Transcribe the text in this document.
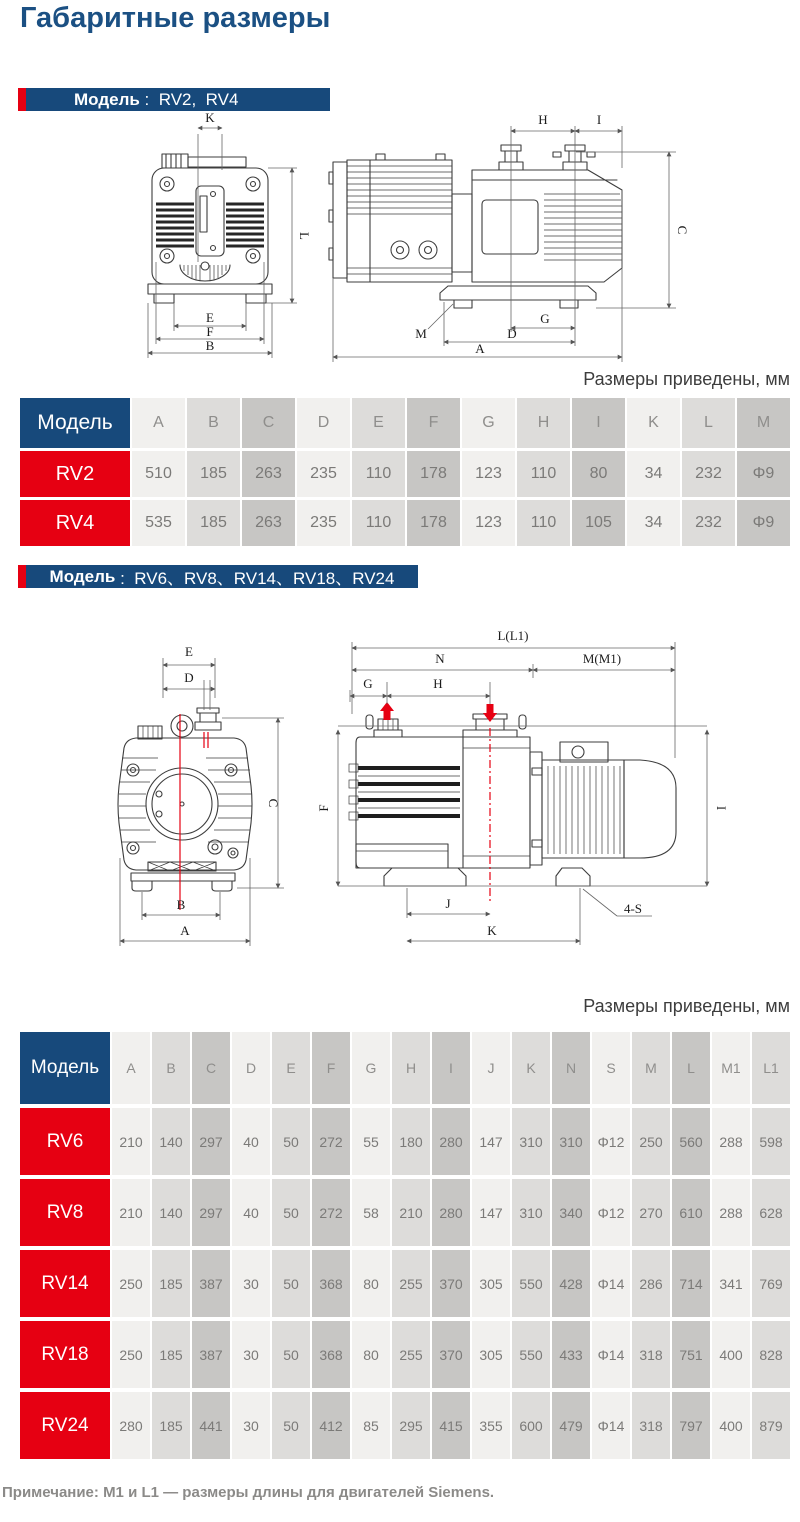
Габаритные размеры
Модель :  RV2,  RV4
K
L
E
F
B
H	I
C
M
G
D
A
Размеры приведены, мм
Модель	A	B	C	D	E	F	G	H	I	K	L	M
RV2	510	185	263	235	110	178	123	110	80	34	232	Φ9
RV4	535	185	263	235	110	178	123	110	105	34	232	Φ9
Модель :  RV6、RV8、RV14、RV18、RV24
E
D
C
B
A
L(L1)
N	M(M1)
G	H
F	I
J
K
4-S
Размеры приведены, мм
Модель	A	B	C	D	E	F	G	H	I	J	K	N	S	M	L	M1	L1
RV6	210	140	297	40	50	272	55	180	280	147	310	310	Φ12	250	560	288	598
RV8	210	140	297	40	50	272	58	210	280	147	310	340	Φ12	270	610	288	628
RV14	250	185	387	30	50	368	80	255	370	305	550	428	Φ14	286	714	341	769
RV18	250	185	387	30	50	368	80	255	370	305	550	433	Φ14	318	751	400	828
RV24	280	185	441	30	50	412	85	295	415	355	600	479	Φ14	318	797	400	879
Примечание: M1 и L1 — размеры длины для двигателей Siemens.
